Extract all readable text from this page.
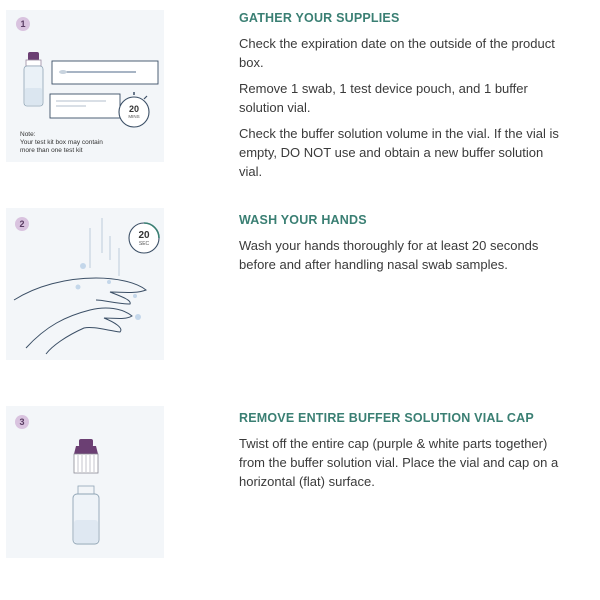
1
20
MINS
Note:
Your test kit box may contain
more than one test kit
GATHER YOUR SUPPLIES

Check the expiration date on the outside of the product box.

Remove 1 swab, 1 test device pouch, and 1 buffer solution vial.

Check the buffer solution volume in the vial. If the vial is empty, DO NOT use and obtain a new buffer solution vial.

2
20
SEC
WASH YOUR HANDS

Wash your hands thoroughly for at least 20 seconds before and after handling nasal swab samples.

3	REMOVE ENTIRE BUFFER SOLUTION VIAL CAP

Twist off the entire cap (purple & white parts together) from the buffer solution vial. Place the vial and cap on a horizontal (flat) surface.
